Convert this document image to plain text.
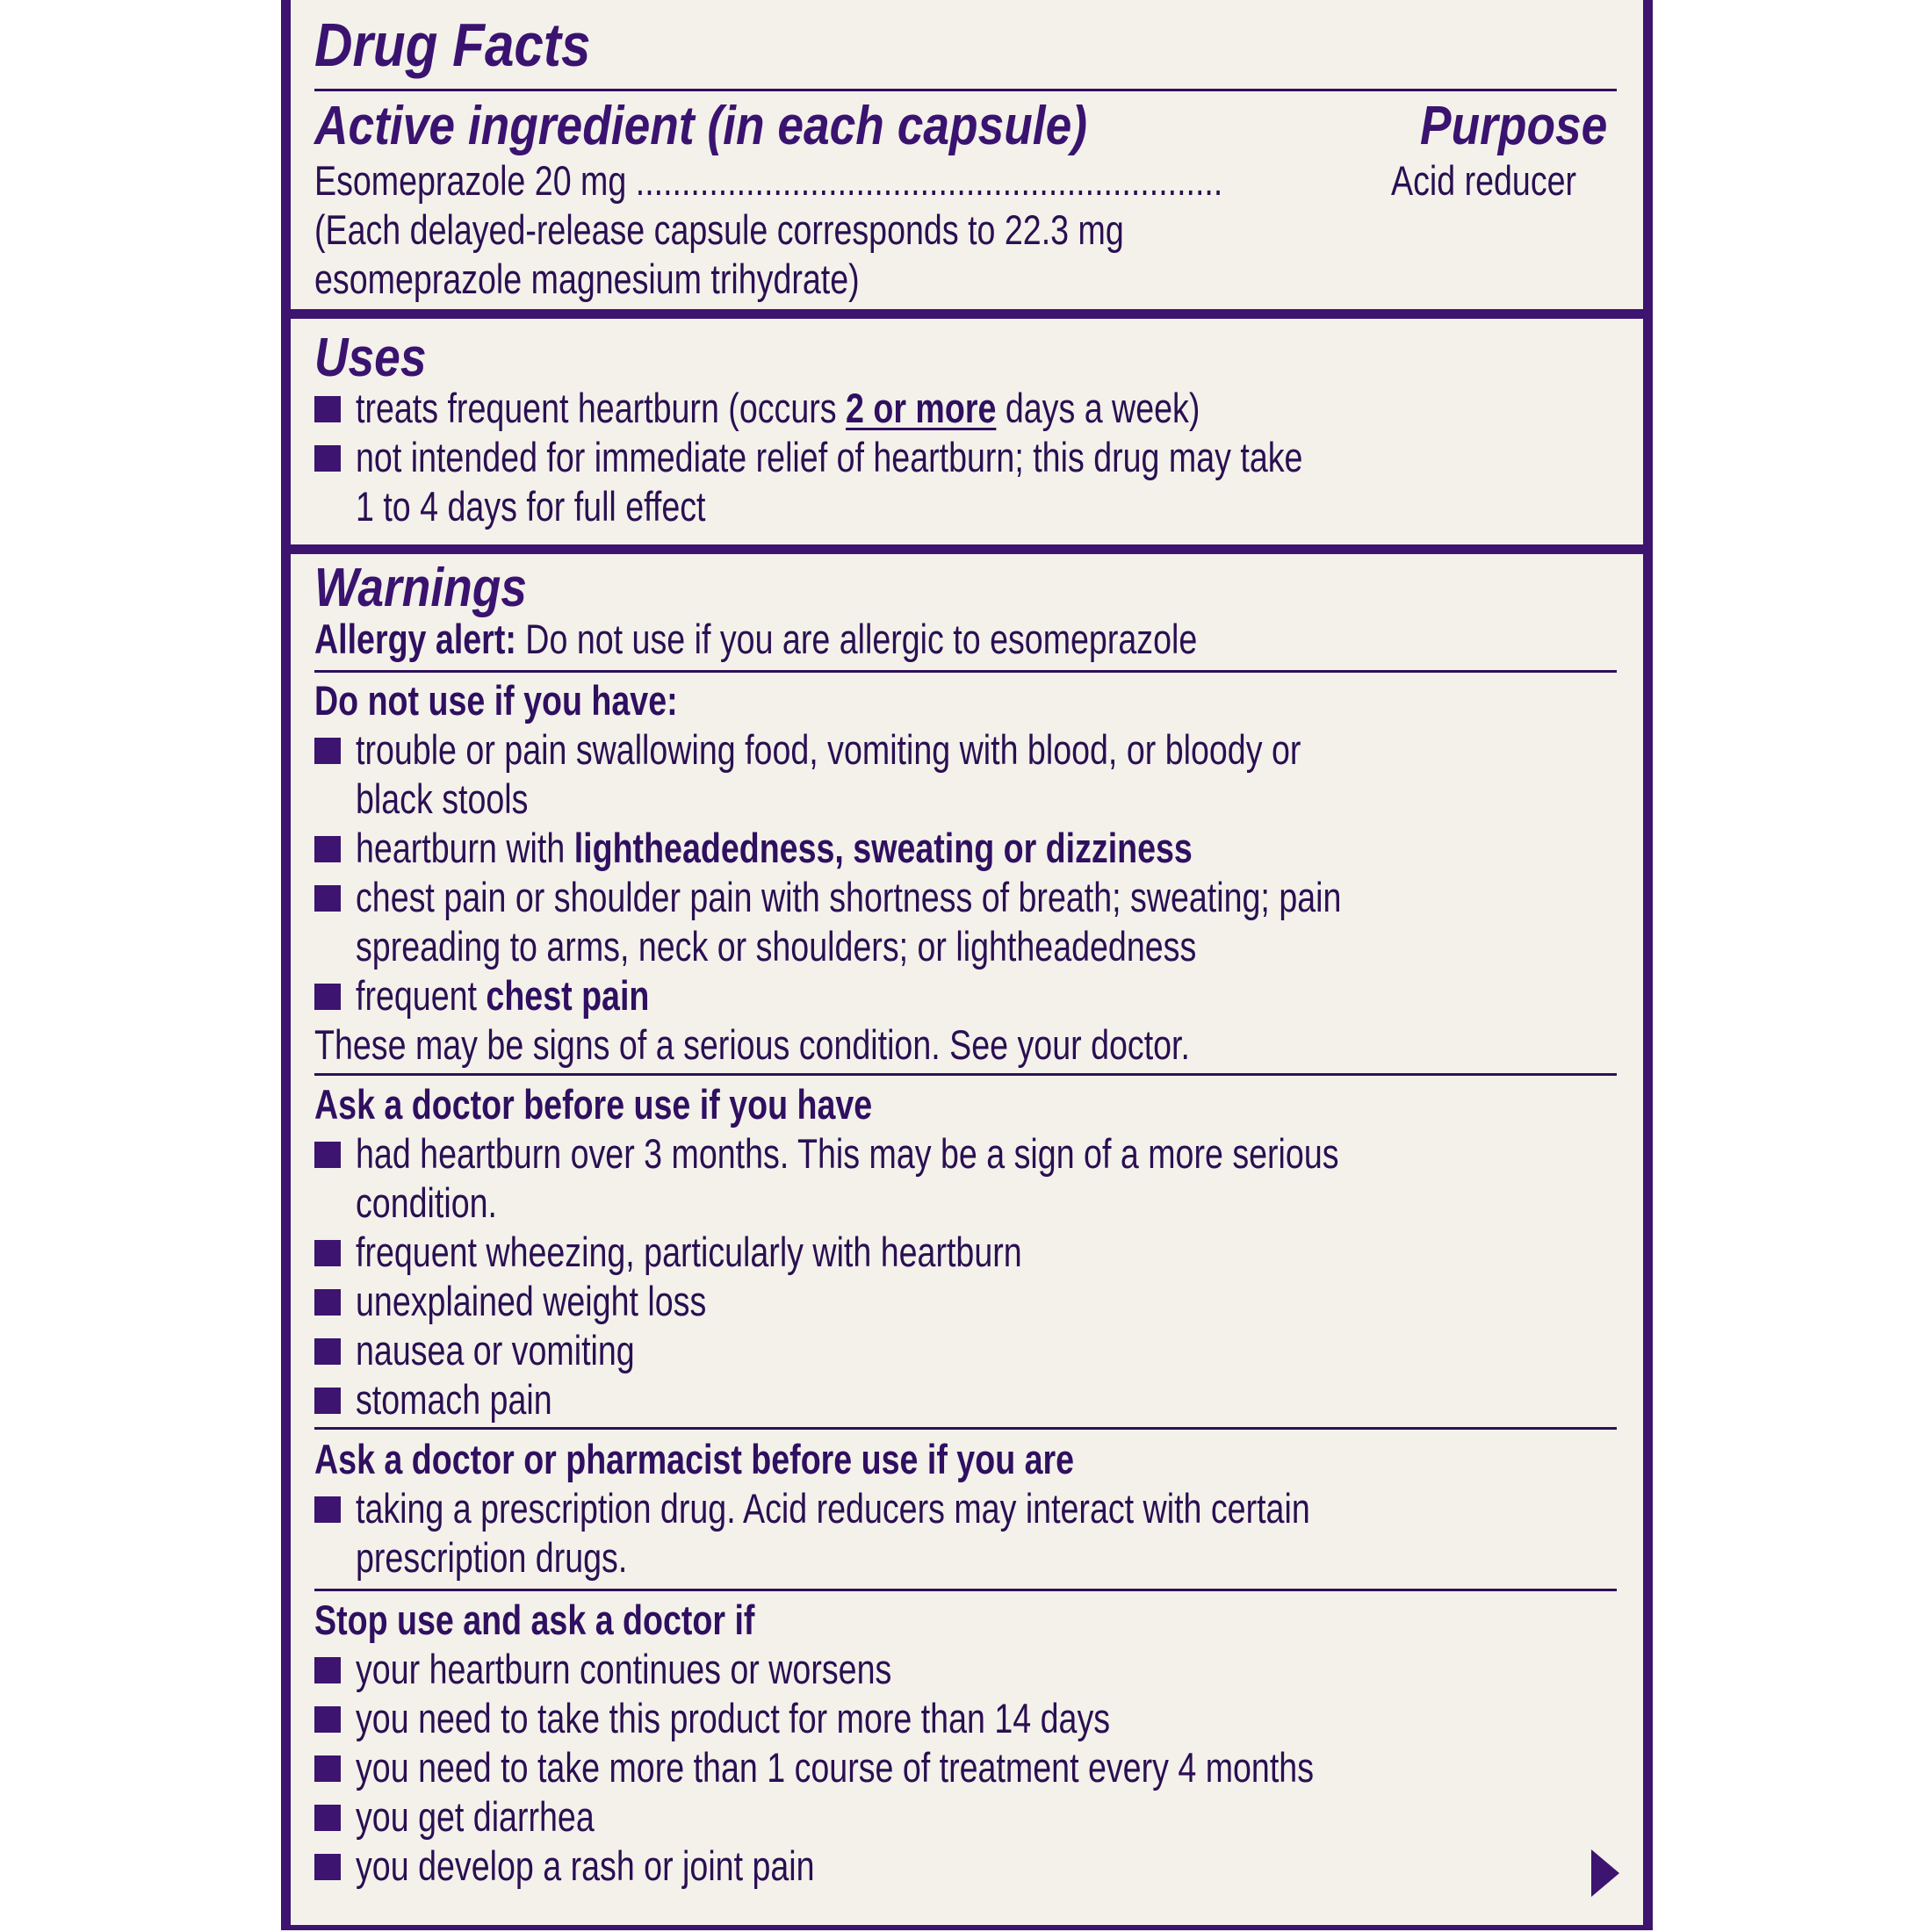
Drug Facts
Active ingredient (in each capsule)	Purpose
Esomeprazole 20 mg ................................................................	Acid reducer
(Each delayed-release capsule corresponds to 22.3 mg
esomeprazole magnesium trihydrate)
Uses
treats frequent heartburn (occurs 2 or more days a week)
not intended for immediate relief of heartburn; this drug may take
1 to 4 days for full effect
Warnings
Allergy alert: Do not use if you are allergic to esomeprazole
Do not use if you have:
trouble or pain swallowing food, vomiting with blood, or bloody or
black stools
heartburn with lightheadedness, sweating or dizziness
chest pain or shoulder pain with shortness of breath; sweating; pain
spreading to arms, neck or shoulders; or lightheadedness
frequent chest pain
These may be signs of a serious condition. See your doctor.
Ask a doctor before use if you have
had heartburn over 3 months. This may be a sign of a more serious
condition.
frequent wheezing, particularly with heartburn
unexplained weight loss
nausea or vomiting
stomach pain
Ask a doctor or pharmacist before use if you are
taking a prescription drug. Acid reducers may interact with certain
prescription drugs.
Stop use and ask a doctor if
your heartburn continues or worsens
you need to take this product for more than 14 days
you need to take more than 1 course of treatment every 4 months
you get diarrhea
you develop a rash or joint pain
